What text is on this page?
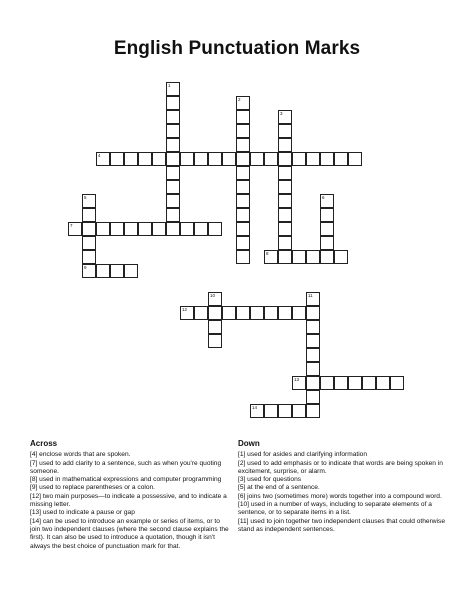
English Punctuation Marks
1
2
3
4
5
9
6
7
8
10	11
12
13
14
Across

[4] enclose words that are spoken.

[7] used to add clarity to a sentence, such as when you're quoting someone.

[8] used in mathematical expressions and computer programming

[9] used to replace parentheses or a colon.

[12] two main purposes—to indicate a possessive, and to indicate a missing letter.

[13] used to indicate a pause or gap

[14] can be used to introduce an example or series of items, or to join two independent clauses (where the second clause explains the first). It can also be used to introduce a quotation, though it isn't always the best choice of punctuation mark for that.

Down

[1] used for asides and clarifying information

[2] used to add emphasis or to indicate that words are being spoken in excitement, surprise, or alarm.

[3] used for questions

[5] at the end of a sentence.

[6] joins two (sometimes more) words together into a compound word.

[10] used in a number of ways, including to separate elements of a sentence, or to separate items in a list.

[11] used to join together two independent clauses that could otherwise stand as independent sentences.
